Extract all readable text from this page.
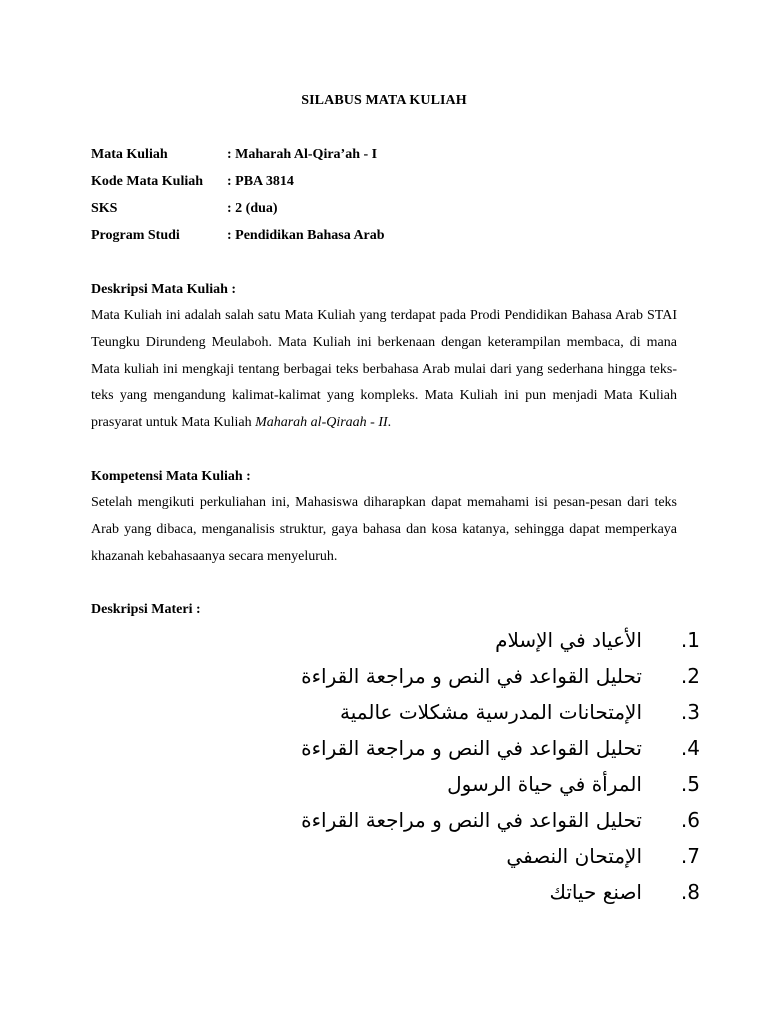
SILABUS MATA KULIAH
Mata Kuliah	: Maharah Al-Qira’ah - I
Kode Mata Kuliah	: PBA 3814
SKS	: 2 (dua)
Program Studi	: Pendidikan Bahasa Arab
Deskripsi Mata Kuliah :
Mata Kuliah ini adalah salah satu Mata Kuliah yang terdapat pada Prodi Pendidikan Bahasa Arab STAI Teungku Dirundeng Meulaboh. Mata Kuliah ini berkenaan dengan keterampilan membaca, di mana Mata kuliah ini mengkaji tentang berbagai teks berbahasa Arab mulai dari yang sederhana hingga teks-teks yang mengandung kalimat-kalimat yang kompleks. Mata Kuliah ini pun menjadi Mata Kuliah prasyarat untuk Mata Kuliah Maharah al-Qiraah - II.
Kompetensi Mata Kuliah :
Setelah mengikuti perkuliahan ini, Mahasiswa diharapkan dapat memahami isi pesan-pesan dari teks Arab yang dibaca, menganalisis struktur, gaya bahasa dan kosa katanya, sehingga dapat memperkaya khazanah kebahasaanya secara menyeluruh.
Deskripsi Materi :
الأعياد في الإسلام	.1
تحليل القواعد في النص و مراجعة القراءة	.2
الإمتحانات المدرسية مشكلات عالمية	.3
تحليل القواعد في النص و مراجعة القراءة	.4
المرأة في حياة الرسول	.5
تحليل القواعد في النص و مراجعة القراءة	.6
الإمتحان النصفي	.7
اصنع حياتك	.8
